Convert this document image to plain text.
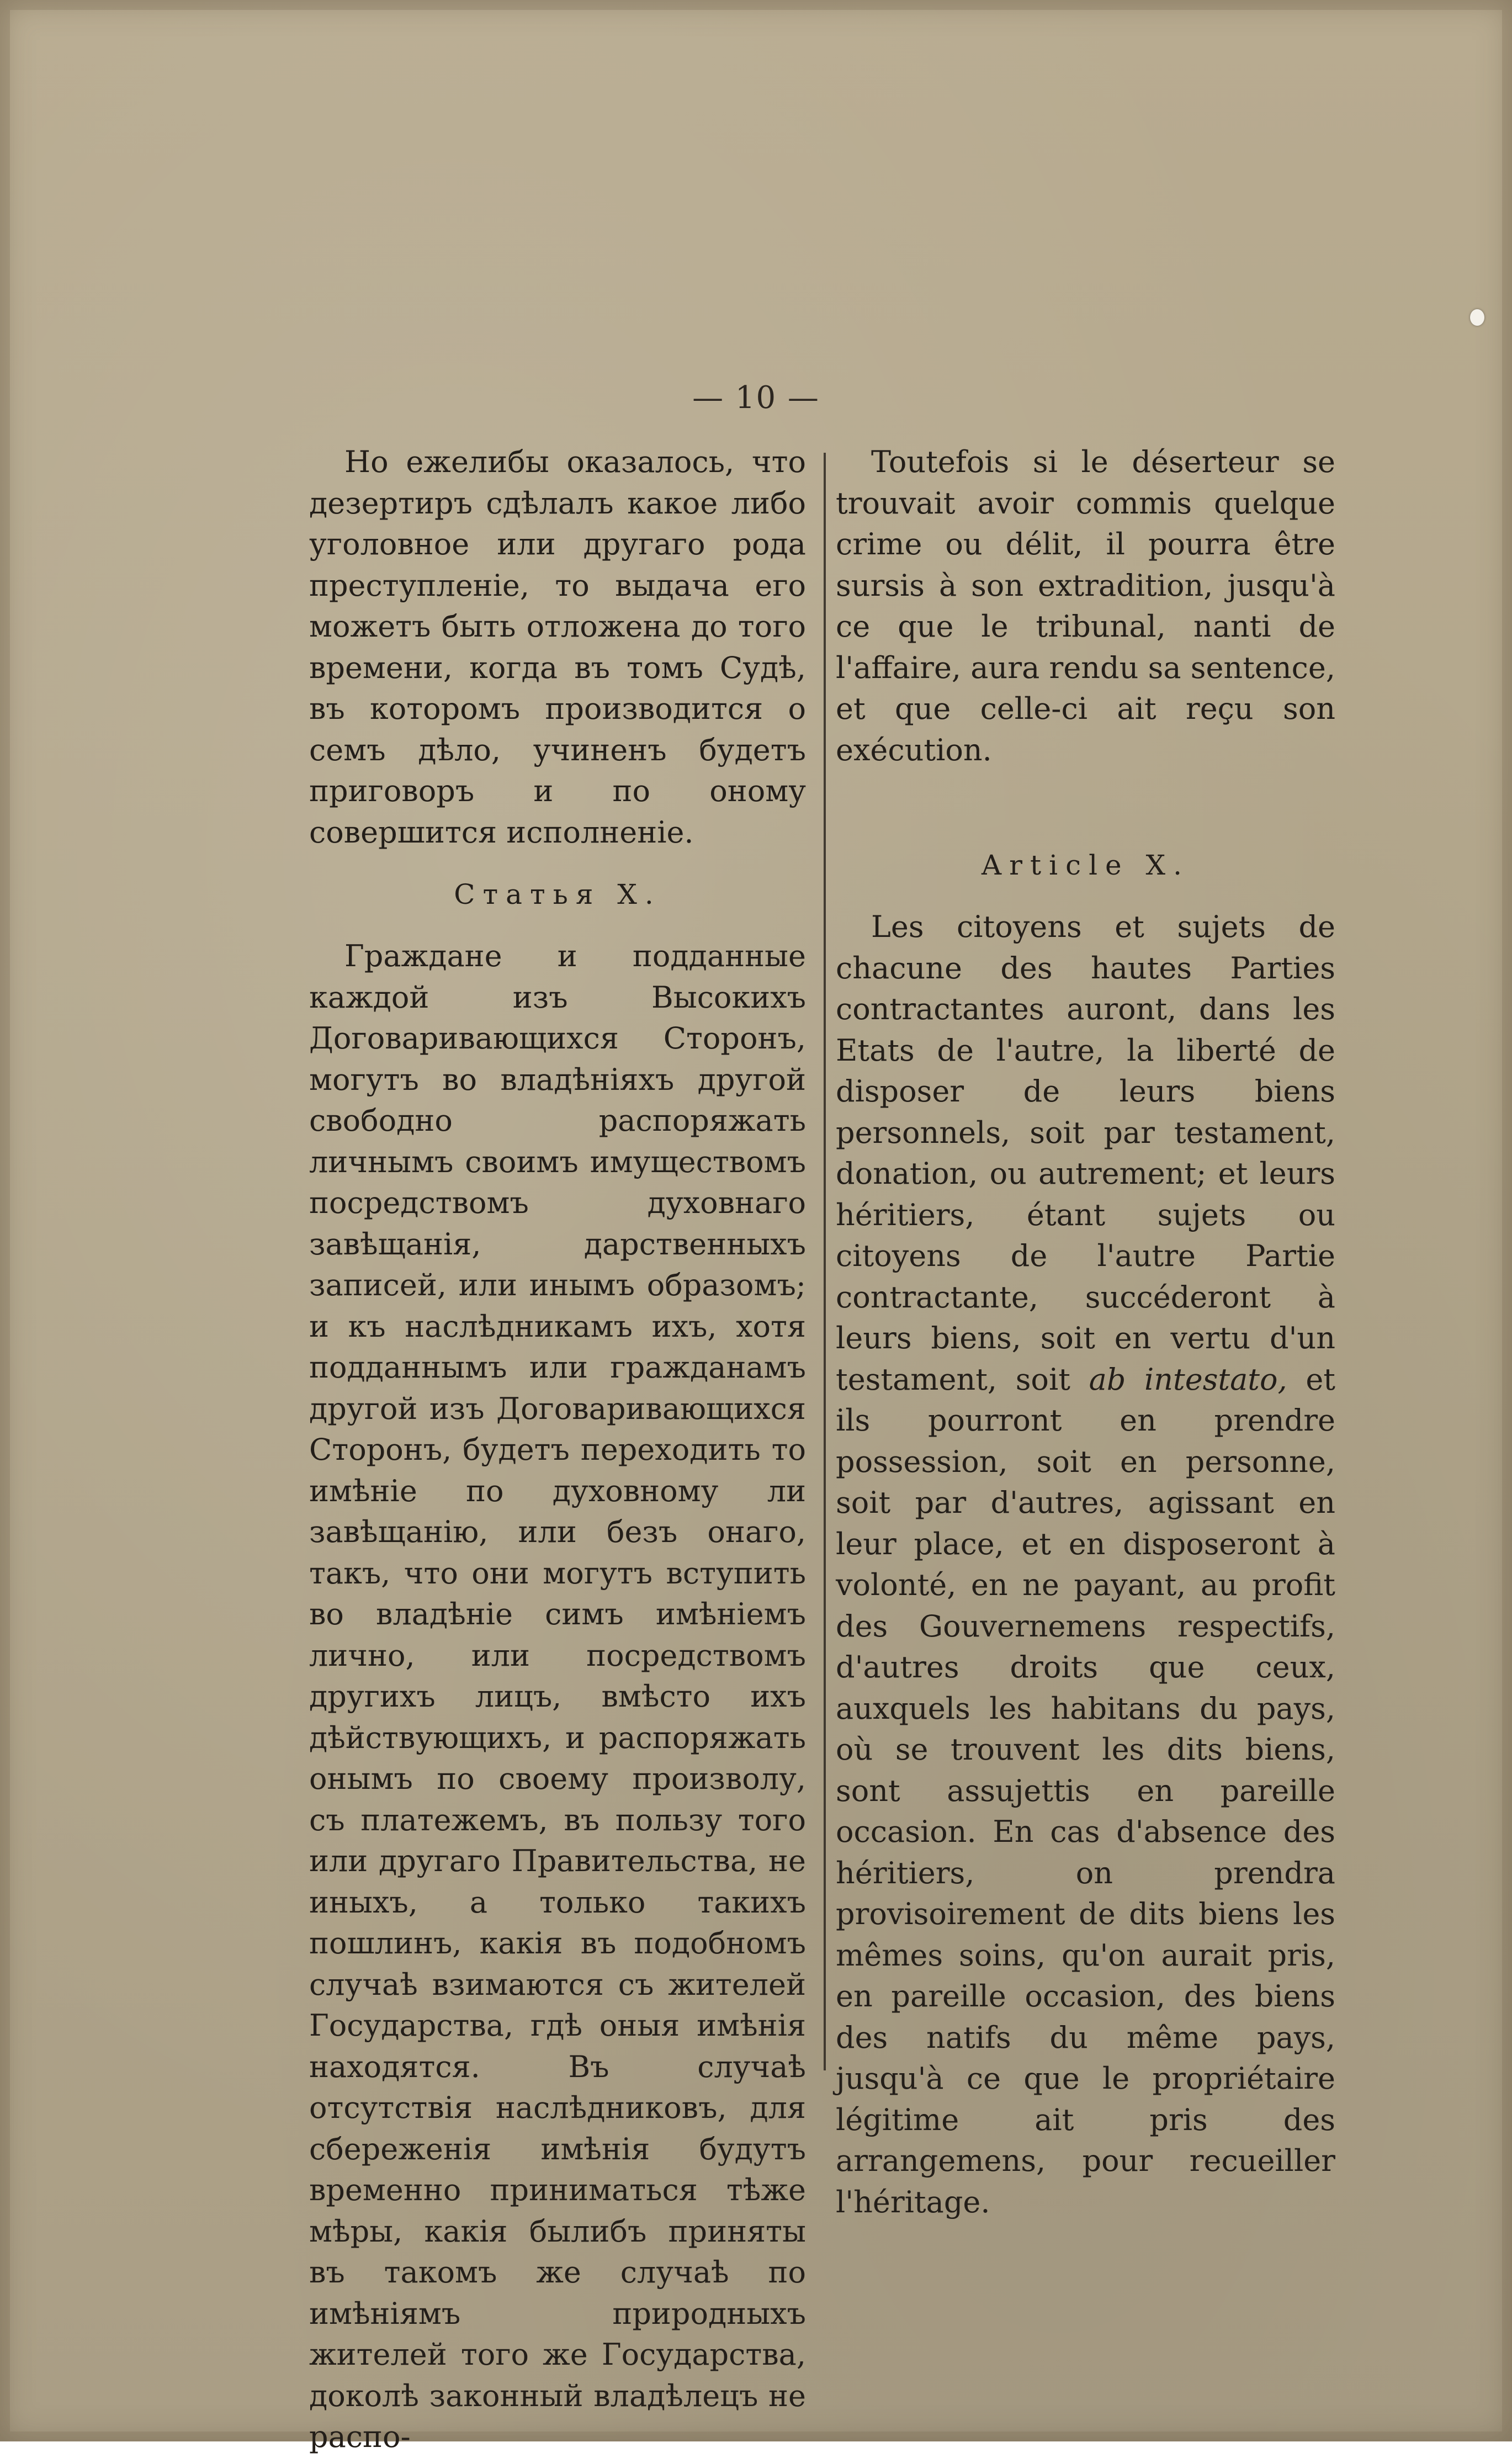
— 10 —

Но ежелибы оказалось, что дезертиръ сдѣлалъ какое либо уголовное или другаго рода преступленіе, то выдача его можетъ быть отложена до того времени, когда въ томъ Судѣ, въ которомъ производится о семъ дѣло, учиненъ будетъ приговоръ и по оному совершится исполненіе.

Статья X.

Граждане и подданные каждой изъ Высокихъ Договаривающихся Сторонъ, могутъ во владѣніяхъ другой свободно распоряжать личнымъ своимъ имуществомъ посредствомъ духовнаго завѣщанія, дарственныхъ записей, или инымъ образомъ; и къ наслѣдникамъ ихъ, хотя подданнымъ или гражданамъ другой изъ Договаривающихся Сторонъ, будетъ переходить то имѣніе по духовному ли завѣщанію, или безъ онаго, такъ, что они могутъ вступить во владѣніе симъ имѣніемъ лично, или посредствомъ другихъ лицъ, вмѣсто ихъ дѣйствующихъ, и распоряжать онымъ по своему произволу, съ платежемъ, въ пользу того или другаго Правительства, не иныхъ, а только такихъ пошлинъ, какія въ подобномъ случаѣ взимаются съ жителей Государства, гдѣ оныя имѣнія находятся. Въ случаѣ отсутствія наслѣдниковъ, для сбереженія имѣнія будутъ временно приниматься тѣже мѣры, какія былибъ приняты въ такомъ же случаѣ по имѣніямъ природныхъ жителей того же Государства, доколѣ законный владѣлецъ не распо-

Toutefois si le déserteur se trouvait avoir commis quelque crime ou délit, il pourra être sursis à son extradition, jusqu'à ce que le tribunal, nanti de l'affaire, aura rendu sa sentence, et que celle-ci ait reçu son exécution.

Article X.

Les citoyens et sujets de chacune des hautes Parties contractantes auront, dans les Etats de l'autre, la liberté de disposer de leurs biens personnels, soit par testament, donation, ou autrement; et leurs héritiers, étant sujets ou citoyens de l'autre Partie contractante, succéderont à leurs biens, soit en vertu d'un testament, soit ab intestato, et ils pourront en prendre possession, soit en personne, soit par d'autres, agissant en leur place, et en disposeront à volonté, en ne payant, au profit des Gouvernemens respectifs, d'autres droits que ceux, auxquels les habitans du pays, où se trouvent les dits biens, sont assujettis en pareille occasion. En cas d'absence des héritiers, on prendra provisoirement de dits biens les mêmes soins, qu'on aurait pris, en pareille occasion, des biens des natifs du même pays, jusqu'à ce que le propriétaire légitime ait pris des arrangemens, pour recueiller l'héritage.
